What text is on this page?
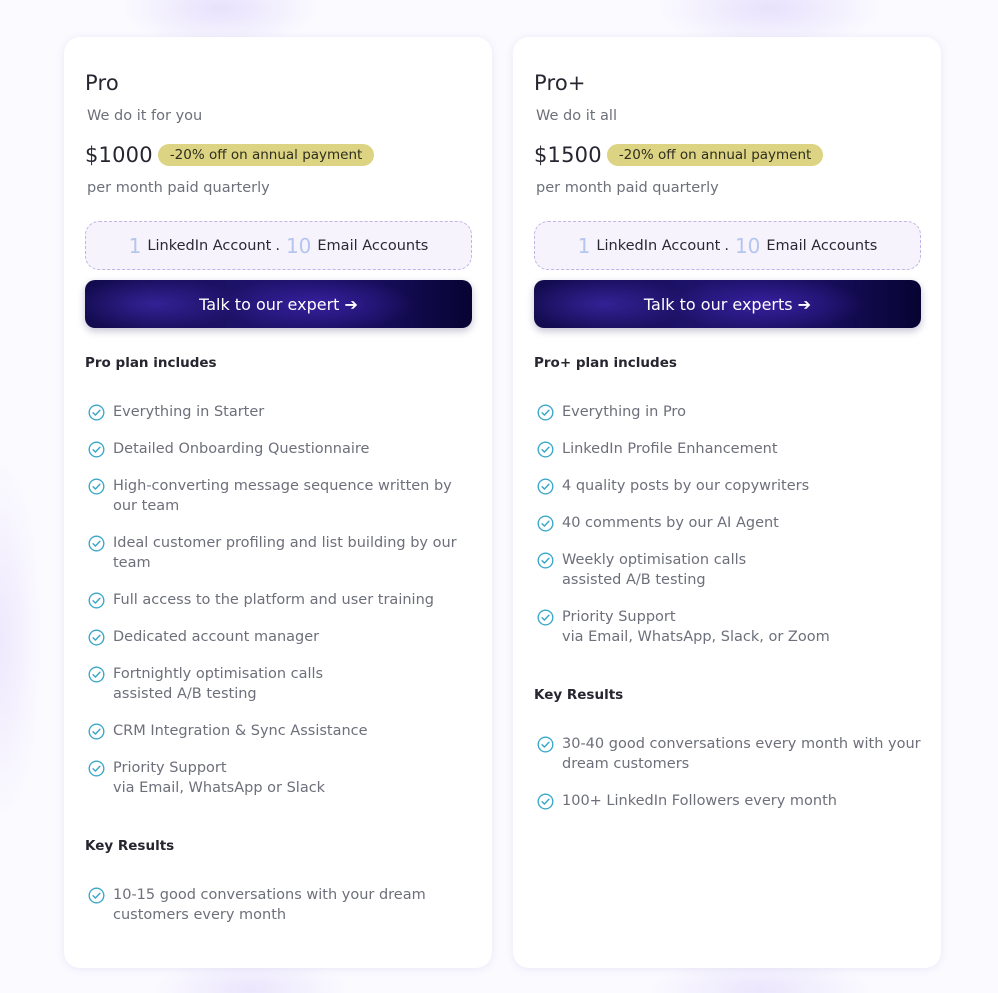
Pro

We do it for you

$1000	-20% off on annual payment

per month paid quarterly

1 LinkedIn Account . 10 Email Accounts
Talk to our expert ➔
Pro plan includes
Everything in Starter
Detailed Onboarding Questionnaire
High-converting message sequence written by our team
Ideal customer profiling and list building by our team
Full access to the platform and user training
Dedicated account manager
Fortnightly optimisation calls
assisted A/B testing
CRM Integration & Sync Assistance
Priority Support
via Email, WhatsApp or Slack
Key Results
10-15 good conversations with your dream customers every month
Pro+

We do it all

$1500	-20% off on annual payment

per month paid quarterly

1 LinkedIn Account . 10 Email Accounts
Talk to our experts ➔
Pro+ plan includes
Everything in Pro
LinkedIn Profile Enhancement
4 quality posts by our copywriters
40 comments by our AI Agent
Weekly optimisation calls
assisted A/B testing
Priority Support
via Email, WhatsApp, Slack, or Zoom
Key Results
30-40 good conversations every month with your dream customers
100+ LinkedIn Followers every month
